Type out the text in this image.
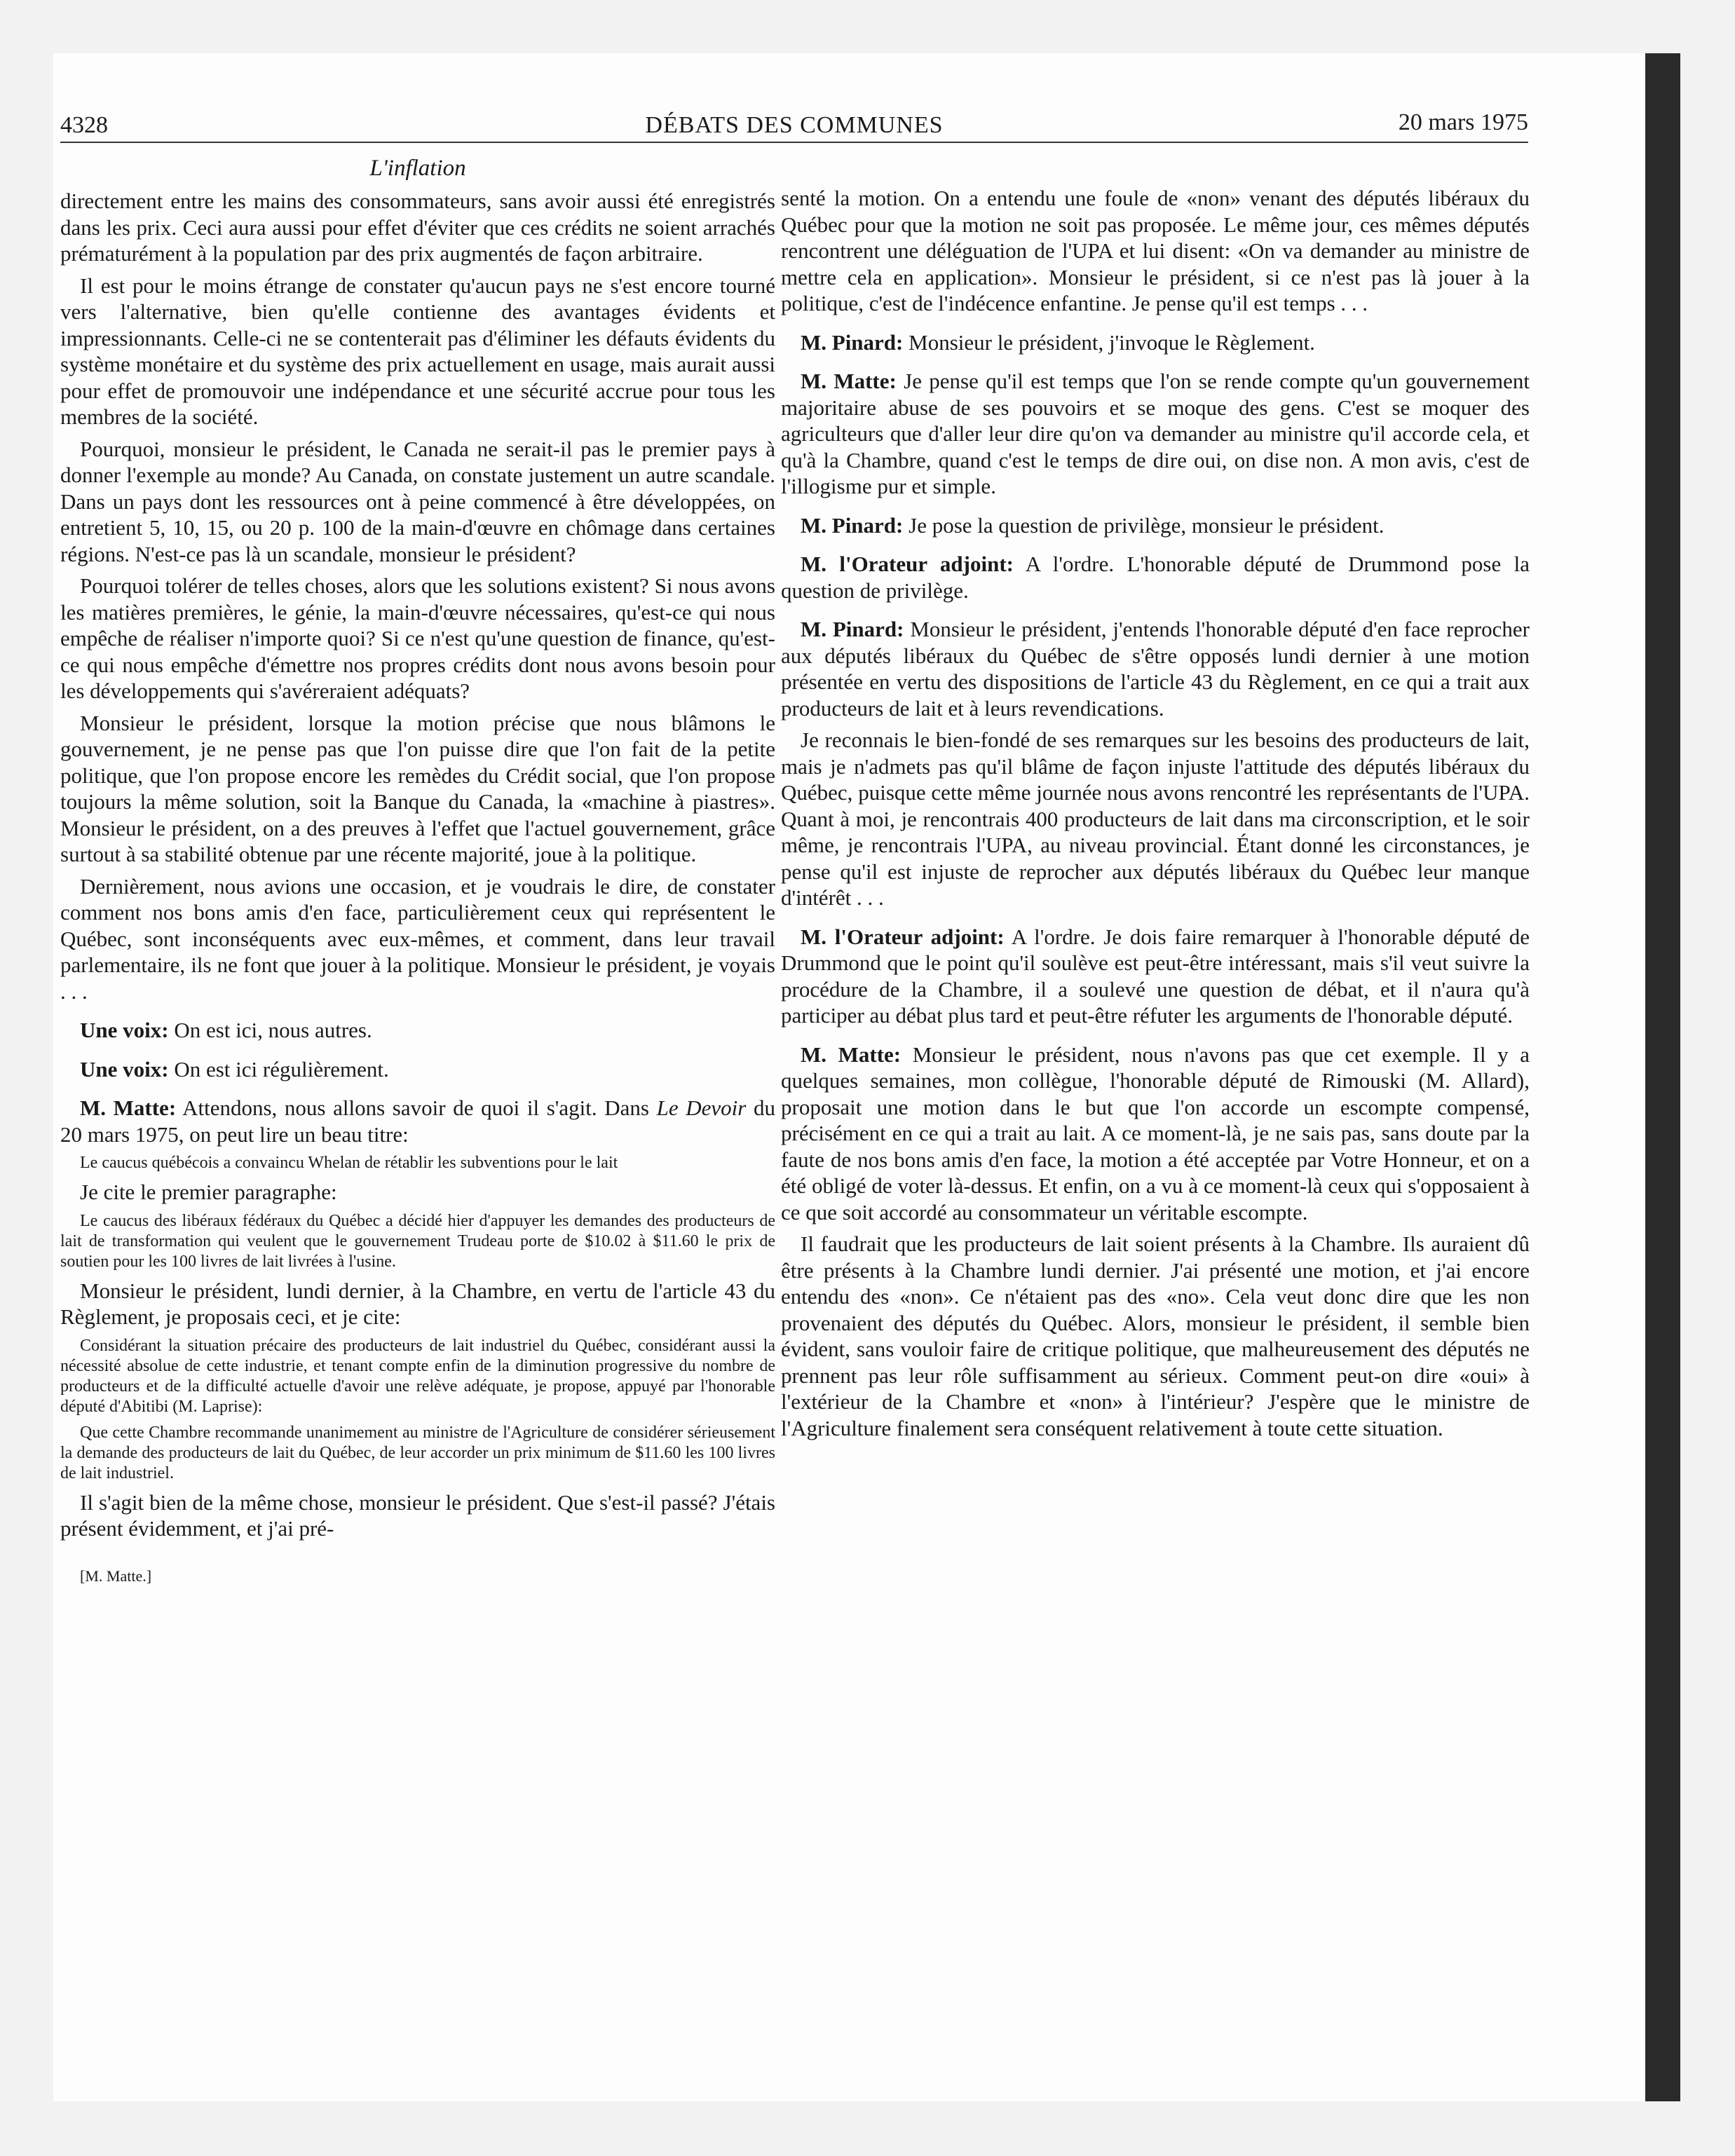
4328	DÉBATS DES COMMUNES	20 mars 1975
L'inflation

directement entre les mains des consommateurs, sans avoir aussi été enregistrés dans les prix. Ceci aura aussi pour effet d'éviter que ces crédits ne soient arrachés prématurément à la population par des prix augmentés de façon arbitraire.

Il est pour le moins étrange de constater qu'aucun pays ne s'est encore tourné vers l'alternative, bien qu'elle contienne des avantages évidents et impressionnants. Celle-ci ne se contenterait pas d'éliminer les défauts évidents du système monétaire et du système des prix actuellement en usage, mais aurait aussi pour effet de promouvoir une indépendance et une sécurité accrue pour tous les membres de la société.

Pourquoi, monsieur le président, le Canada ne serait-il pas le premier pays à donner l'exemple au monde? Au Canada, on constate justement un autre scandale. Dans un pays dont les ressources ont à peine commencé à être développées, on entretient 5, 10, 15, ou 20 p. 100 de la main-d'œuvre en chômage dans certaines régions. N'est-ce pas là un scandale, monsieur le président?

Pourquoi tolérer de telles choses, alors que les solutions existent? Si nous avons les matières premières, le génie, la main-d'œuvre nécessaires, qu'est-ce qui nous empêche de réaliser n'importe quoi? Si ce n'est qu'une question de finance, qu'est-ce qui nous empêche d'émettre nos propres crédits dont nous avons besoin pour les développements qui s'avéreraient adéquats?

Monsieur le président, lorsque la motion précise que nous blâmons le gouvernement, je ne pense pas que l'on puisse dire que l'on fait de la petite politique, que l'on propose encore les remèdes du Crédit social, que l'on propose toujours la même solution, soit la Banque du Canada, la «machine à piastres». Monsieur le président, on a des preuves à l'effet que l'actuel gouvernement, grâce surtout à sa stabilité obtenue par une récente majorité, joue à la politique.

Dernièrement, nous avions une occasion, et je voudrais le dire, de constater comment nos bons amis d'en face, particulièrement ceux qui représentent le Québec, sont inconséquents avec eux-mêmes, et comment, dans leur travail parlementaire, ils ne font que jouer à la politique. Monsieur le président, je voyais . . .

Une voix: On est ici, nous autres.

Une voix: On est ici régulièrement.

M. Matte: Attendons, nous allons savoir de quoi il s'agit. Dans Le Devoir du 20 mars 1975, on peut lire un beau titre:

Le caucus québécois a convaincu Whelan de rétablir les subventions pour le lait

Je cite le premier paragraphe:

Le caucus des libéraux fédéraux du Québec a décidé hier d'appuyer les demandes des producteurs de lait de transformation qui veulent que le gouvernement Trudeau porte de $10.02 à $11.60 le prix de soutien pour les 100 livres de lait livrées à l'usine.

Monsieur le président, lundi dernier, à la Chambre, en vertu de l'article 43 du Règlement, je proposais ceci, et je cite:

Considérant la situation précaire des producteurs de lait industriel du Québec, considérant aussi la nécessité absolue de cette industrie, et tenant compte enfin de la diminution progressive du nombre de producteurs et de la difficulté actuelle d'avoir une relève adéquate, je propose, appuyé par l'honorable député d'Abitibi (M. Laprise):
Que cette Chambre recommande unanimement au ministre de l'Agriculture de considérer sérieusement la demande des producteurs de lait du Québec, de leur accorder un prix minimum de $11.60 les 100 livres de lait industriel.

Il s'agit bien de la même chose, monsieur le président. Que s'est-il passé? J'étais présent évidemment, et j'ai pré-

[M. Matte.]

senté la motion. On a entendu une foule de «non» venant des députés libéraux du Québec pour que la motion ne soit pas proposée. Le même jour, ces mêmes députés rencontrent une déléguation de l'UPA et lui disent: «On va demander au ministre de mettre cela en application». Monsieur le président, si ce n'est pas là jouer à la politique, c'est de l'indécence enfantine. Je pense qu'il est temps . . .

M. Pinard: Monsieur le président, j'invoque le Règlement.

M. Matte: Je pense qu'il est temps que l'on se rende compte qu'un gouvernement majoritaire abuse de ses pouvoirs et se moque des gens. C'est se moquer des agriculteurs que d'aller leur dire qu'on va demander au ministre qu'il accorde cela, et qu'à la Chambre, quand c'est le temps de dire oui, on dise non. A mon avis, c'est de l'illogisme pur et simple.

M. Pinard: Je pose la question de privilège, monsieur le président.

M. l'Orateur adjoint: A l'ordre. L'honorable député de Drummond pose la question de privilège.

M. Pinard: Monsieur le président, j'entends l'honorable député d'en face reprocher aux députés libéraux du Québec de s'être opposés lundi dernier à une motion présentée en vertu des dispositions de l'article 43 du Règlement, en ce qui a trait aux producteurs de lait et à leurs revendications.

Je reconnais le bien-fondé de ses remarques sur les besoins des producteurs de lait, mais je n'admets pas qu'il blâme de façon injuste l'attitude des députés libéraux du Québec, puisque cette même journée nous avons rencontré les représentants de l'UPA. Quant à moi, je rencontrais 400 producteurs de lait dans ma circonscription, et le soir même, je rencontrais l'UPA, au niveau provincial. Étant donné les circonstances, je pense qu'il est injuste de reprocher aux députés libéraux du Québec leur manque d'intérêt . . .

M. l'Orateur adjoint: A l'ordre. Je dois faire remarquer à l'honorable député de Drummond que le point qu'il soulève est peut-être intéressant, mais s'il veut suivre la procédure de la Chambre, il a soulevé une question de débat, et il n'aura qu'à participer au débat plus tard et peut-être réfuter les arguments de l'honorable député.

M. Matte: Monsieur le président, nous n'avons pas que cet exemple. Il y a quelques semaines, mon collègue, l'honorable député de Rimouski (M. Allard), proposait une motion dans le but que l'on accorde un escompte compensé, précisément en ce qui a trait au lait. A ce moment-là, je ne sais pas, sans doute par la faute de nos bons amis d'en face, la motion a été acceptée par Votre Honneur, et on a été obligé de voter là-dessus. Et enfin, on a vu à ce moment-là ceux qui s'opposaient à ce que soit accordé au consommateur un véritable escompte.

Il faudrait que les producteurs de lait soient présents à la Chambre. Ils auraient dû être présents à la Chambre lundi dernier. J'ai présenté une motion, et j'ai encore entendu des «non». Ce n'étaient pas des «no». Cela veut donc dire que les non provenaient des députés du Québec. Alors, monsieur le président, il semble bien évident, sans vouloir faire de critique politique, que malheureusement des députés ne prennent pas leur rôle suffisamment au sérieux. Comment peut-on dire «oui» à l'extérieur de la Chambre et «non» à l'intérieur? J'espère que le ministre de l'Agriculture finalement sera conséquent relativement à toute cette situation.
